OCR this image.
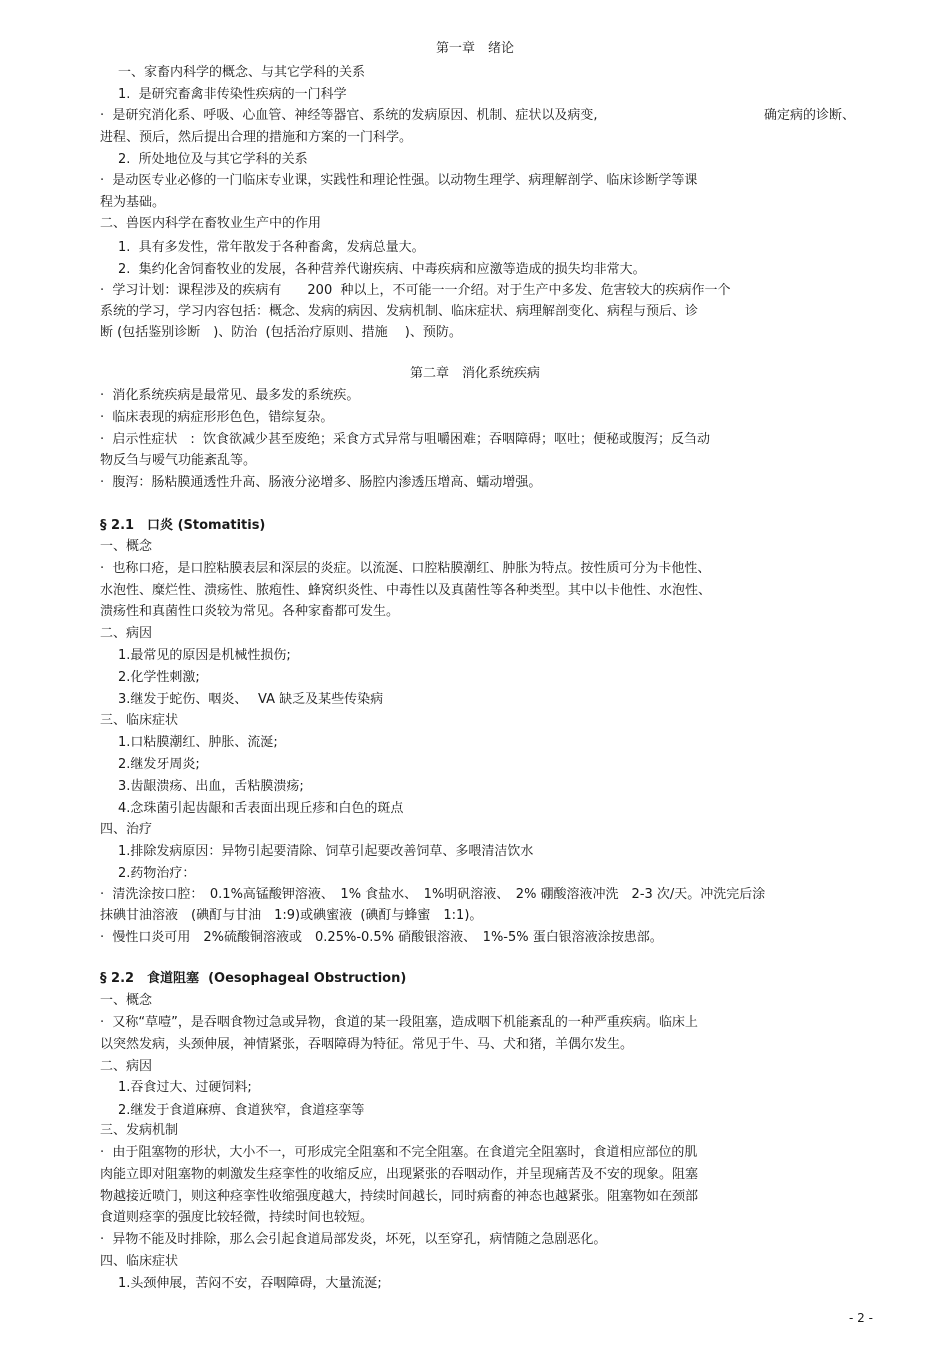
第一章　绪论
一、家畜内科学的概念、与其它学科的关系
1.  是研究畜禽非传染性疾病的一门科学
·  是研究消化系、呼吸、心血管、神经等器官、系统的发病原因、机制、症状以及病变,	确定病的诊断、
进程、预后，然后提出合理的措施和方案的一门科学。
2.  所处地位及与其它学科的关系
·  是动医专业必修的一门临床专业课，实践性和理论性强。以动物生理学、病理解剖学、临床诊断学等课
程为基础。
二、兽医内科学在畜牧业生产中的作用
1.  具有多发性，常年散发于各种畜禽，发病总量大。
2.  集约化舍饲畜牧业的发展，各种营养代谢疾病、中毒疾病和应激等造成的损失均非常大。
·  学习计划：课程涉及的疾病有　　200  种以上，不可能一一介绍。对于生产中多发、危害较大的疾病作一个
系统的学习，学习内容包括：概念、发病的病因、发病机制、临床症状、病理解剖变化、病程与预后、诊
断 (包括鉴别诊断　)、防治  (包括治疗原则、措施　 )、预防。
第二章　消化系统疾病
·  消化系统疾病是最常见、最多发的系统疾。
·  临床表现的病症形形色色，错综复杂。
·  启示性症状　:  饮食欲减少甚至废绝；采食方式异常与咀嚼困难；吞咽障碍；呕吐；便秘或腹泻；反刍动
物反刍与嗳气功能紊乱等。
·  腹泻：肠粘膜通透性升高、肠液分泌增多、肠腔内渗透压增高、蠕动增强。
§ 2.1　口炎 (Stomatitis)
一、概念
·  也称口疮，是口腔粘膜表层和深层的炎症。以流涎、口腔粘膜潮红、肿胀为特点。按性质可分为卡他性、
水泡性、糜烂性、溃疡性、脓疱性、蜂窝织炎性、中毒性以及真菌性等各种类型。其中以卡他性、水泡性、
溃疡性和真菌性口炎较为常见。各种家畜都可发生。
二、病因
1.最常见的原因是机械性损伤;
2.化学性刺激;
3.继发于蛇伤、咽炎、　 VA 缺乏及某些传染病
三、临床症状
1.口粘膜潮红、肿胀、流涎;
2.继发牙周炎;
3.齿龈溃疡、出血，舌粘膜溃疡;
4.念珠菌引起齿龈和舌表面出现丘疹和白色的斑点
四、治疗
1.排除发病原因：异物引起要清除、饲草引起要改善饲草、多喂清洁饮水
2.药物治疗：
·  清洗涂按口腔：　0.1%高锰酸钾溶液、　1% 食盐水、　1%明矾溶液、　2% 硼酸溶液冲洗　2-3 次/天。冲洗完后涂
抹碘甘油溶液　(碘酊与甘油　1:9)或碘蜜液  (碘酊与蜂蜜　1:1)。
·  慢性口炎可用　2%硫酸铜溶液或　0.25%-0.5% 硝酸银溶液、　1%-5% 蛋白银溶液涂按患部。
§ 2.2　食道阻塞  (Oesophageal Obstruction)
一、概念
·  又称“草噎”，是吞咽食物过急或异物，食道的某一段阻塞，造成咽下机能紊乱的一种严重疾病。临床上
以突然发病，头颈伸展，神情紧张，吞咽障碍为特征。常见于牛、马、犬和猪，羊偶尔发生。
二、病因
1.吞食过大、过硬饲料;
2.继发于食道麻痹、食道狭窄，食道痉挛等
三、发病机制
·  由于阻塞物的形状，大小不一，可形成完全阻塞和不完全阻塞。在食道完全阻塞时，食道相应部位的肌
肉能立即对阻塞物的刺激发生痉挛性的收缩反应，出现紧张的吞咽动作，并呈现痛苦及不安的现象。阻塞
物越接近喷门，则这种痉挛性收缩强度越大，持续时间越长，同时病畜的神态也越紧张。阻塞物如在颈部
食道则痉挛的强度比较轻微，持续时间也较短。
·  异物不能及时排除，那么会引起食道局部发炎，坏死，以至穿孔，病情随之急剧恶化。
四、临床症状
1.头颈伸展，苦闷不安，吞咽障碍，大量流涎;
- 2 -
